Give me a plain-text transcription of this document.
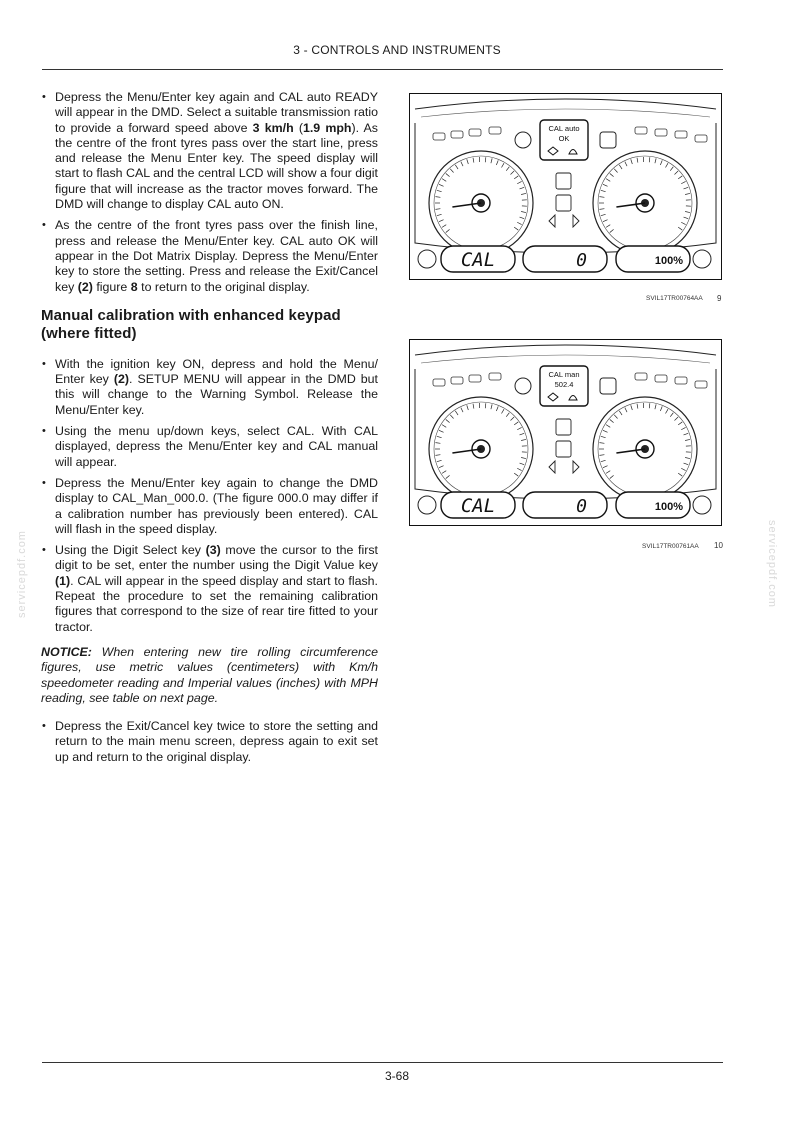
3 - CONTROLS AND INSTRUMENTS
• Depress the Menu/Enter key again and CAL auto READY will appear in the DMD. Select a suitable transmission ratio to provide a forward speed above 3 km/h (1.9 mph). As the centre of the front tyres pass over the start line, press and release the Menu Enter key. The speed display will start to flash CAL and the central LCD will show a four digit figure that will increase as the tractor moves forward. The DMD will change to display CAL auto ON.
• As the centre of the front tyres pass over the finish line, press and release the Menu/Enter key. CAL auto OK will appear in the Dot Matrix Display. Depress the Menu/Enter key to store the setting. Press and release the Exit/Cancel key (2) figure 8 to return to the original display.
Manual calibration with enhanced keypad (where fitted)
• With the ignition key ON, depress and hold the Menu/ Enter key (2). SETUP MENU will appear in the DMD but this will change to the Warning Symbol. Release the Menu/Enter key.
• Using the menu up/down keys, select CAL. With CAL displayed, depress the Menu/Enter key and CAL manual will appear.
• Depress the Menu/Enter key again to change the DMD display to CAL_Man_000.0. (The figure 000.0 may differ if a calibration number has previously been entered). CAL will flash in the speed display.
• Using the Digit Select key (3) move the cursor to the first digit to be set, enter the number using the Digit Value key (1). CAL will appear in the speed display and start to flash. Repeat the procedure to set the remaining calibration figures that correspond to the size of rear tire fitted to your tractor.
NOTICE: When entering new tire rolling circumference figures, use metric values (centimeters) with Km/h speedometer reading and Imperial values (inches) with MPH reading, see table on next page.
• Depress the Exit/Cancel key twice to store the setting and return to the main menu screen, depress again to exit set up and return to the original display.
CAL auto
OK
CAL	0	100%
SVIL17TR00764AA 9
CAL man
502.4
CAL	0	100%
SVIL17TR00761AA 10
servicepdf.com	servicepdf.com
3-68
